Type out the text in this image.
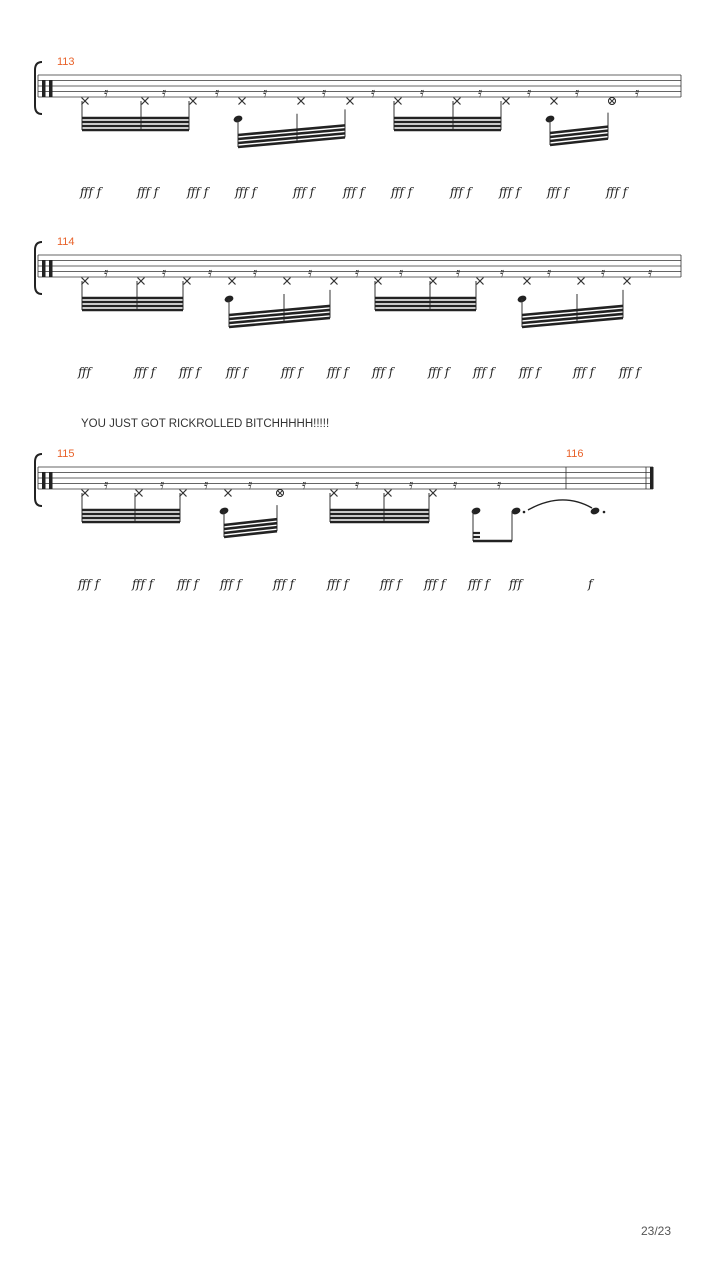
113
𝄿	𝄿	𝄿	𝄿	𝄿	𝄿	𝄿	𝄿	𝄿	𝄿	𝄿
fff f	fff f fff f fff f	fff f fff f fff f	fff f fff f fff f	fff f
114
𝄿	𝄿	𝄿	𝄿	𝄿	𝄿	𝄿	𝄿	𝄿	𝄿	𝄿	𝄿
fff	fff f fff f fff f	fff f fff f fff f	fff f fff f fff f	fff f fff f
YOU JUST GOT RICKROLLED BITCHHHHH!!!!!
115
𝄿	𝄿	𝄿	𝄿	𝄿	𝄿	𝄿	𝄿	𝄿
fff f	fff f fff f fff f	fff f	fff f	fff f fff f fff f fff	f
116
23/23
